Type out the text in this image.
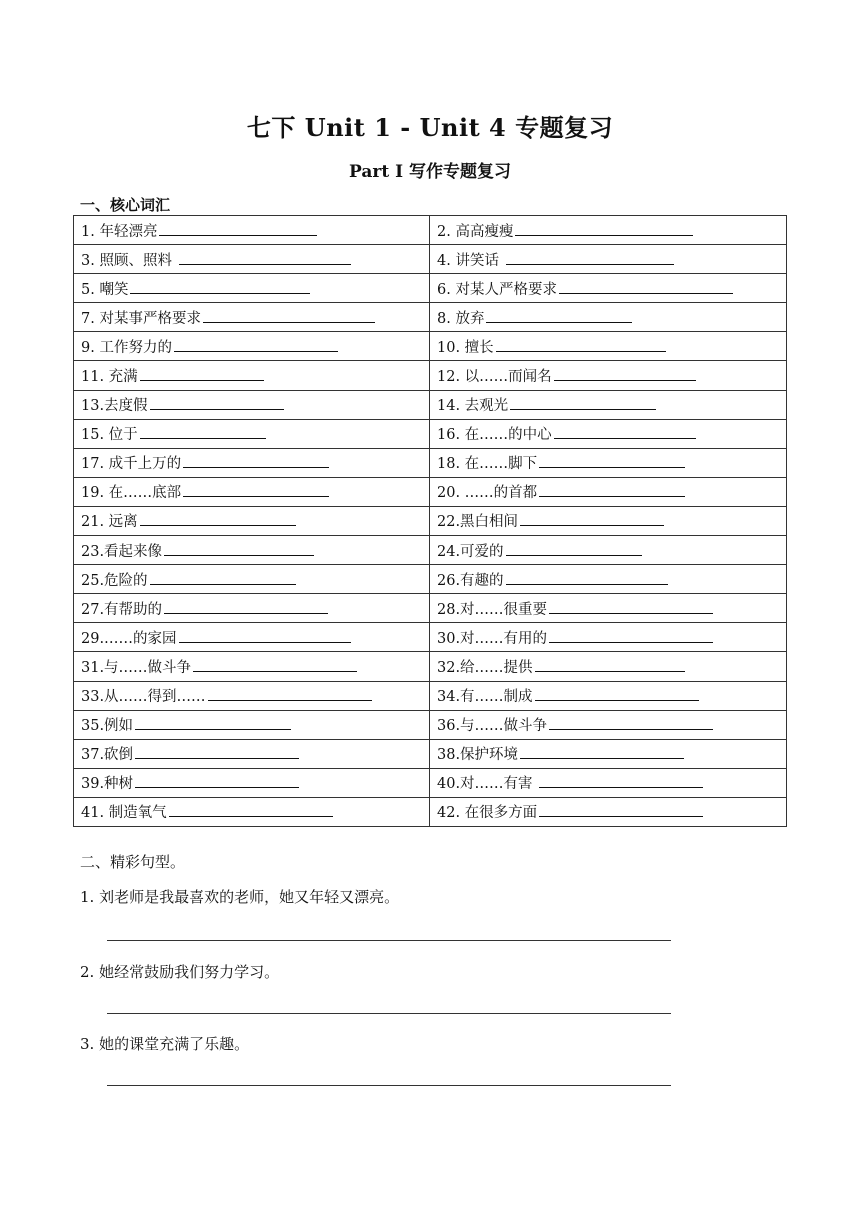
七下 Unit 1 - Unit 4 专题复习
Part I 写作专题复习
一、核心词汇
1. 年轻漂亮	2. 高高瘦瘦
3. 照顾、照料	4. 讲笑话
5. 嘲笑	6. 对某人严格要求
7. 对某事严格要求	8. 放弃
9. 工作努力的	10. 擅长
11. 充满	12. 以……而闻名
13.去度假	14. 去观光
15. 位于	16. 在……的中心
17. 成千上万的	18. 在……脚下
19. 在……底部	20. ……的首都
21. 远离	22.黑白相间
23.看起来像	24.可爱的
25.危险的	26.有趣的
27.有帮助的	28.对……很重要
29.……的家园	30.对……有用的
31.与……做斗争	32.给……提供
33.从……得到……	34.有……制成
35.例如	36.与……做斗争
37.砍倒	38.保护环境
39.种树	40.对……有害
41. 制造氧气	42. 在很多方面
二、精彩句型。
1. 刘老师是我最喜欢的老师，她又年轻又漂亮。
2. 她经常鼓励我们努力学习。
3. 她的课堂充满了乐趣。
